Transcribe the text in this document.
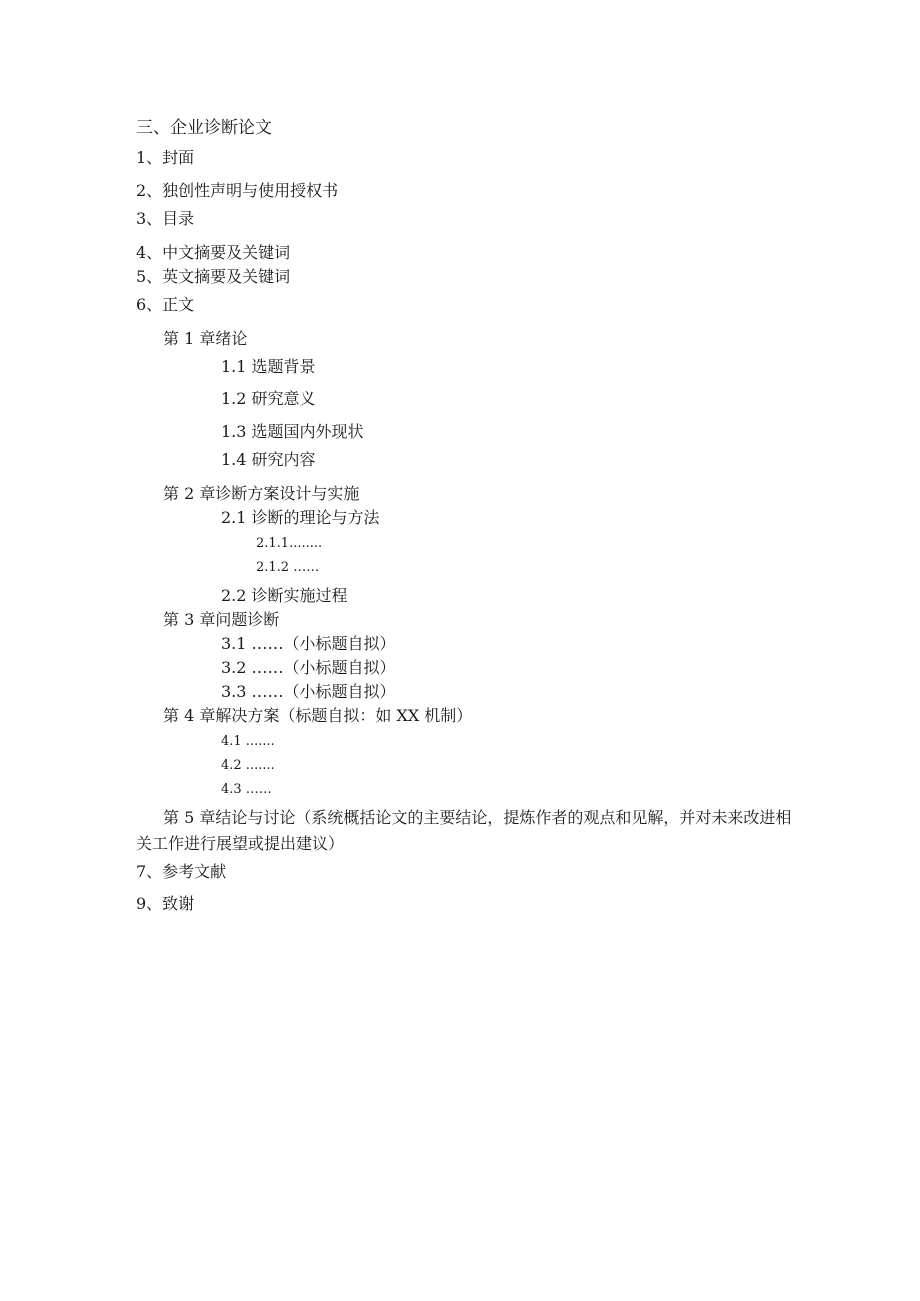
三、企业诊断论文
1、封面
2、独创性声明与使用授权书
3、目录
4、中文摘要及关键词
5、英文摘要及关键词
6、正文
第 1 章绪论
1.1 选题背景
1.2 研究意义
1.3 选题国内外现状
1.4 研究内容
第 2 章诊断方案设计与实施
2.1 诊断的理论与方法
2.1.1........
2.1.2 ……
2.2 诊断实施过程
第 3 章问题诊断
3.1 ……（小标题自拟）
3.2 ……（小标题自拟）
3.3 ……（小标题自拟）
第 4 章解决方案（标题自拟：如 XX 机制）
4.1 .......
4.2 .......
4.3 ……
第 5 章结论与讨论（系统概括论文的主要结论，提炼作者的观点和见解，并对未来改进相关工作进行展望或提出建议）
7、参考文献
9、致谢
